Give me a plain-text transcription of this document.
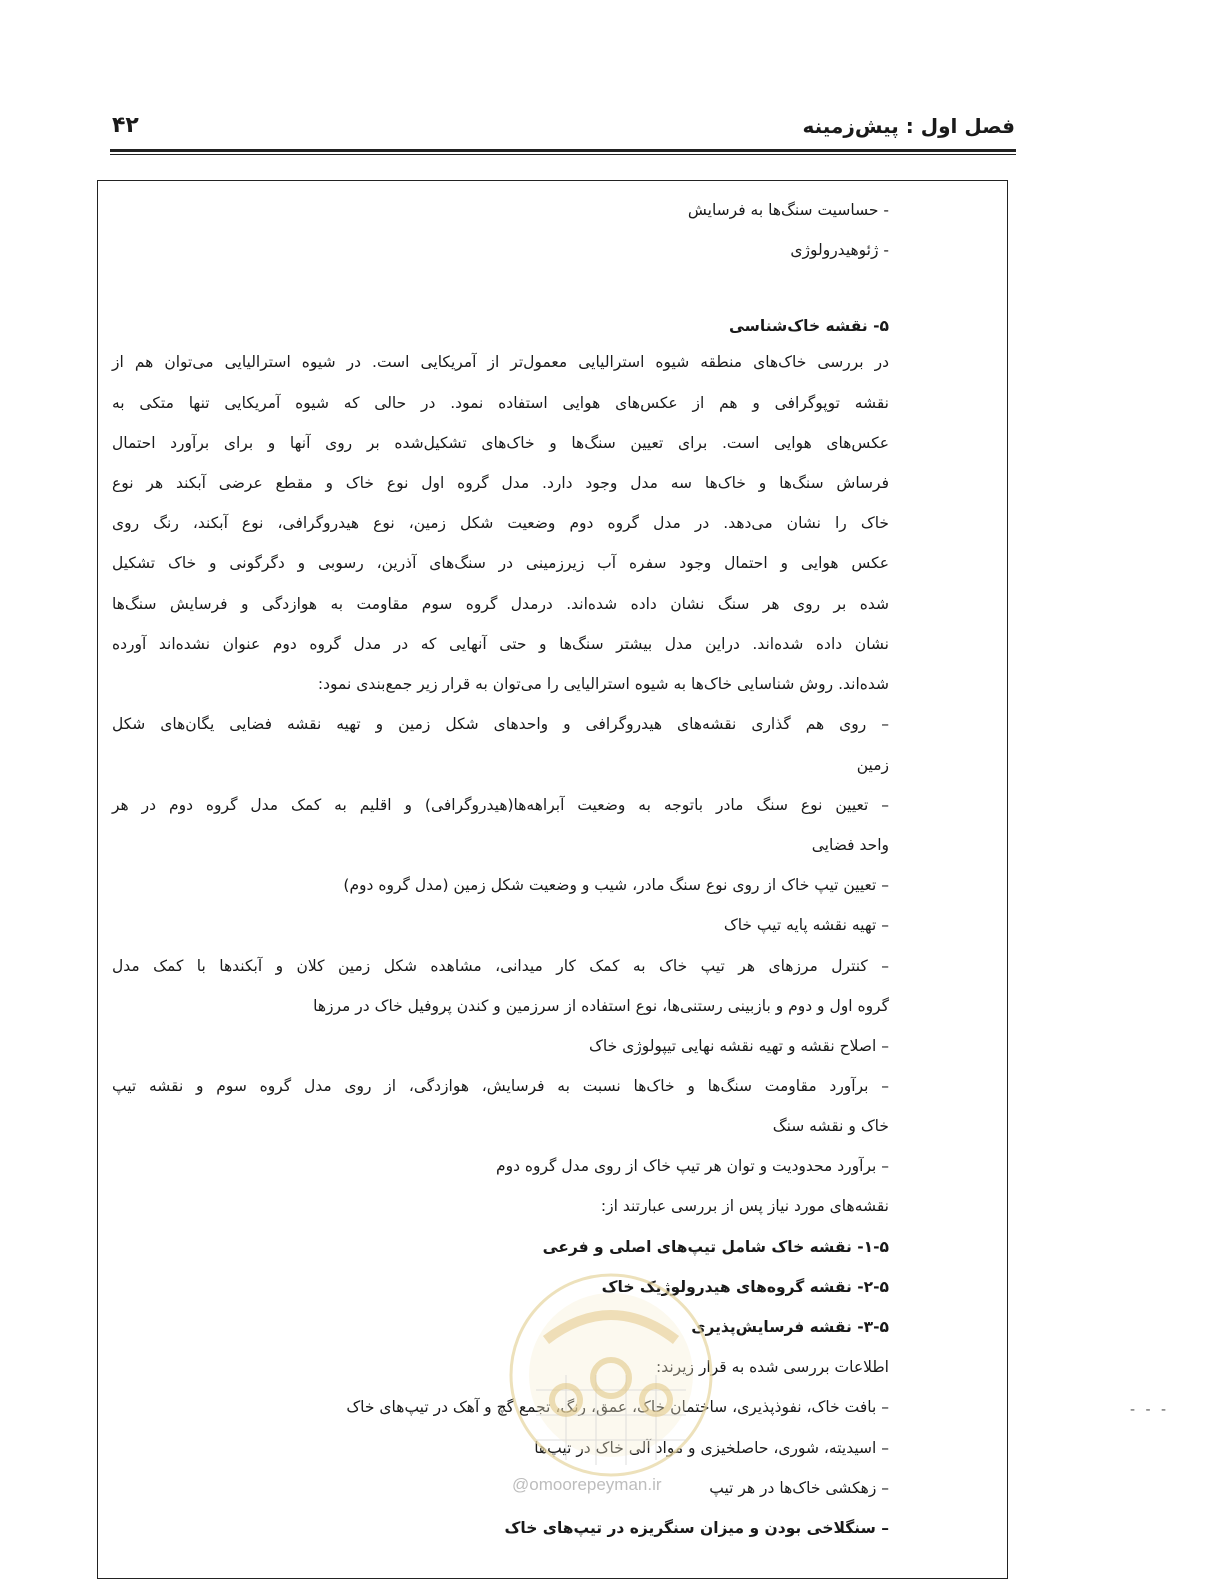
۴۲	فصل اول : پیش‌زمینه
- حساسیت سنگ‌ها به فرسایش
- ژئوهیدرولوژی
۵- نقشه خاک‌شناسی
در بررسی خاک‌های منطقه شیوه استرالیایی معمول‌تر از آمریکایی است. در شیوه استرالیایی می‌توان هم از
نقشه توپوگرافی و هم از عکس‌های هوایی استفاده نمود. در حالی که شیوه آمریکایی تنها متکی به
عکس‌های هوایی است. برای تعیین سنگ‌ها و خاک‌های تشکیل‌شده بر روی آنها و برای برآورد احتمال
فرساش سنگ‌ها و خاک‌ها سه مدل وجود دارد. مدل گروه اول نوع خاک و مقطع عرضی آبکند هر نوع
خاک را نشان می‌دهد. در مدل گروه دوم وضعیت شکل زمین، نوع هیدروگرافی، نوع آبکند، رنگ روی
عکس هوایی و احتمال وجود سفره آب زیرزمینی در سنگ‌های آذرین، رسوبی و دگرگونی و خاک تشکیل
شده بر روی هر سنگ نشان داده شده‌اند. درمدل گروه سوم مقاومت به هوازدگی و فرسایش سنگ‌ها
نشان داده شده‌اند. دراین مدل بیشتر سنگ‌ها و حتی آنهایی که در مدل گروه دوم عنوان نشده‌اند آورده
شده‌اند. روش شناسایی خاک‌ها به شیوه استرالیایی را می‌توان به قرار زیر جمع‌بندی نمود:
– روی هم گذاری نقشه‌های هیدروگرافی و واحدهای شکل زمین و تهیه نقشه فضایی یگان‌های شکل
زمین
– تعیین نوع سنگ مادر باتوجه به وضعیت آبراهه‌ها(هیدروگرافی) و اقلیم به کمک مدل گروه دوم در هر
واحد فضایی
– تعیین تیپ خاک از روی نوع سنگ مادر، شیب و وضعیت شکل زمین (مدل گروه دوم)
– تهیه نقشه پایه تیپ خاک
– کنترل مرزهای هر تیپ خاک به کمک کار میدانی، مشاهده شکل زمین کلان و آبکندها با کمک مدل
گروه اول و دوم و بازبینی رستنی‌ها، نوع استفاده از سرزمین و کندن پروفیل خاک در مرزها
– اصلاح نقشه و تهیه نقشه نهایی تیپولوژی خاک
– برآورد مقاومت سنگ‌ها و خاک‌ها نسبت به فرسایش، هوازدگی، از روی مدل گروه سوم و نقشه تیپ
خاک و نقشه سنگ
– برآورد محدودیت و توان هر تیپ خاک از روی مدل گروه دوم
نقشه‌های مورد نیاز پس از بررسی عبارتند از:
۱-۵- نقشه خاک شامل تیپ‌های اصلی و فرعی
۲-۵- نقشه گروه‌های هیدرولوژیک خاک
۳-۵- نقشه فرسایش‌پذیری
اطلاعات بررسی شده به قرار زیرند:
– بافت خاک، نفوذپذیری، ساختمان خاک، عمق، رنگ، تجمع گچ و آهک در تیپ‌های خاک
– اسیدیته، شوری، حاصلخیزی و مواد آلی خاک در تیپ‌ها
– زهکشی خاک‌ها در هر تیپ
– سنگلاخی بودن و میزان سنگریزه در تیپ‌های خاک
@omoorepeyman.ir
- - -
